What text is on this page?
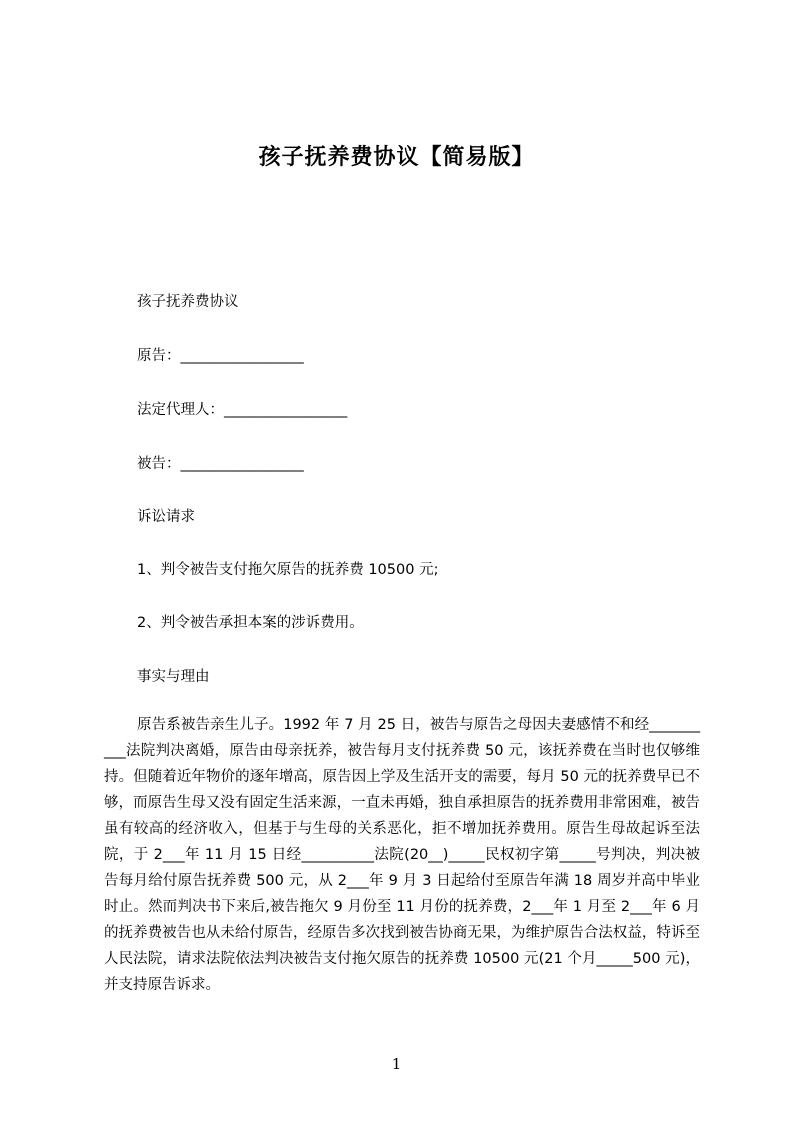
孩子抚养费协议【简易版】
孩子抚养费协议
原告：_________________
法定代理人：_________________
被告：_________________
诉讼请求
1、判令被告支付拖欠原告的抚养费 10500 元;
2、判令被告承担本案的涉诉费用。
事实与理由
原告系被告亲生儿子。1992 年 7 月 25 日，被告与原告之母因夫妻感情不和经__________法院判决离婚，原告由母亲抚养，被告每月支付抚养费 50 元，该抚养费在当时也仅够维持。但随着近年物价的逐年增高，原告因上学及生活开支的需要，每月 50 元的抚养费早已不够，而原告生母又没有固定生活来源，一直未再婚，独自承担原告的抚养费用非常困难，被告虽有较高的经济收入，但基于与生母的关系恶化，拒不增加抚养费用。原告生母故起诉至法院，于 2___年 11 月 15 日经__________法院(20__)_____民权初字第_____号判决，判决被告每月给付原告抚养费 500 元，从 2___年 9 月 3 日起给付至原告年满 18 周岁并高中毕业时止。然而判决书下来后,被告拖欠 9 月份至 11 月份的抚养费，2___年 1 月至 2___年 6 月的抚养费被告也从未给付原告，经原告多次找到被告协商无果，为维护原告合法权益，特诉至人民法院，请求法院依法判决被告支付拖欠原告的抚养费 10500 元(21 个月_____500 元)，并支持原告诉求。
1
